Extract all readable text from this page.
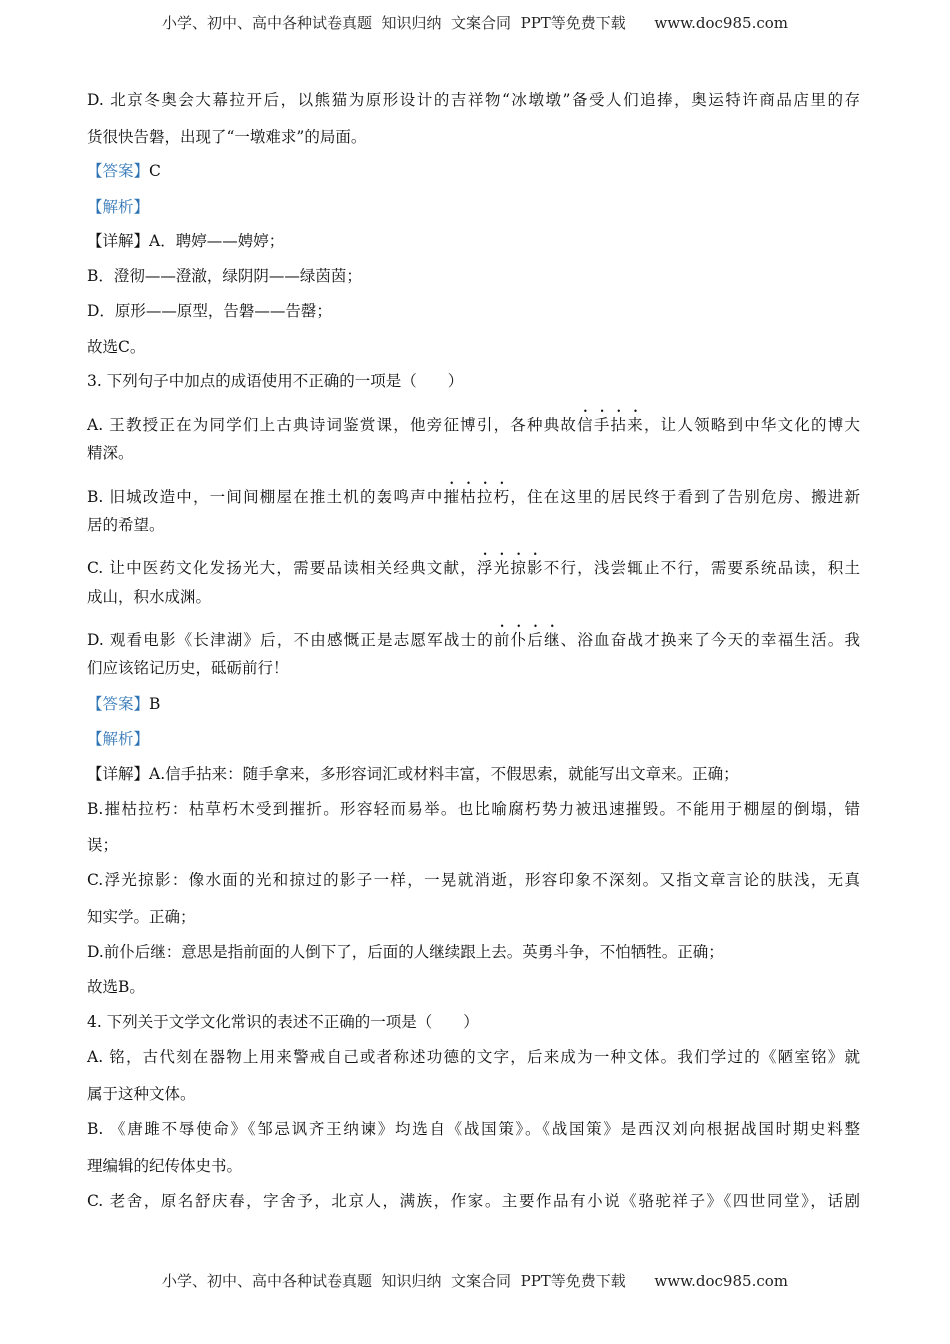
小学、初中、高中各种试卷真题  知识归纳  文案合同  PPT等免费下载      www.doc985.com
D. 北京冬奥会大幕拉开后，以熊猫为原形设计的吉祥物“冰墩墩”备受人们追捧，奥运特许商品店里的存
货很快告磐，出现了“一墩难求”的局面。
【答案】C
【解析】
【详解】A．聘婷——娉婷；
B．澄彻——澄澈，绿阴阴——绿茵茵；
D．原形——原型，告磐——告罄；
故选C。
3. 下列句子中加点的成语使用不正确的一项是（　　）
A. 王教授正在为同学们上古典诗词鉴赏课，他旁征博引，各种典故信手拈来，让人领略到中华文化的博大
精深。
B. 旧城改造中，一间间棚屋在推土机的轰鸣声中摧枯拉朽，住在这里的居民终于看到了告别危房、搬进新
居的希望。
C. 让中医药文化发扬光大，需要品读相关经典文献，浮光掠影不行，浅尝辄止不行，需要系统品读，积土
成山，积水成渊。
D. 观看电影《长津湖》后，不由感慨正是志愿军战士的前仆后继、浴血奋战才换来了今天的幸福生活。我
们应该铭记历史，砥砺前行！
【答案】B
【解析】
【详解】A.信手拈来：随手拿来，多形容词汇或材料丰富，不假思索，就能写出文章来。正确；
B.摧枯拉朽：枯草朽木受到摧折。形容轻而易举。也比喻腐朽势力被迅速摧毁。不能用于棚屋的倒塌，错
误；
C.浮光掠影：像水面的光和掠过的影子一样，一晃就消逝，形容印象不深刻。又指文章言论的肤浅，无真
知实学。正确；
D.前仆后继：意思是指前面的人倒下了，后面的人继续跟上去。英勇斗争，不怕牺牲。正确；
故选B。
4. 下列关于文学文化常识的表述不正确的一项是（　　）
A. 铭，古代刻在器物上用来警戒自己或者称述功德的文字，后来成为一种文体。我们学过的《陋室铭》就
属于这种文体。
B. 《唐雎不辱使命》《邹忌讽齐王纳谏》均选自《战国策》。《战国策》是西汉刘向根据战国时期史料整
理编辑的纪传体史书。
C. 老舍，原名舒庆春，字舍予，北京人，满族，作家。主要作品有小说《骆驼祥子》《四世同堂》，话剧
小学、初中、高中各种试卷真题  知识归纳  文案合同  PPT等免费下载      www.doc985.com
